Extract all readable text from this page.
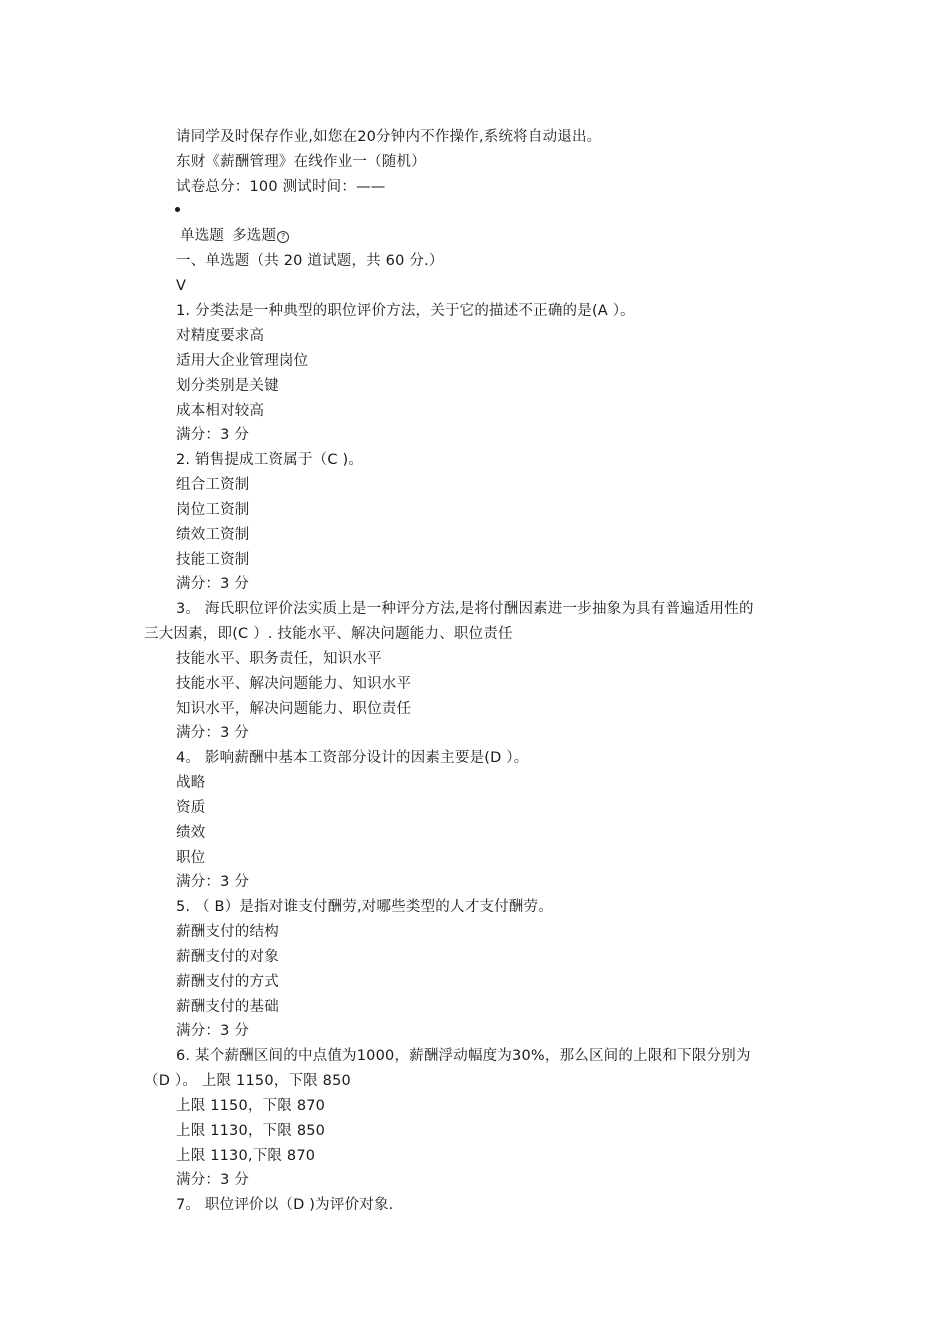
请同学及时保存作业,如您在20分钟内不作操作,系统将自动退出。
东财《薪酬管理》在线作业一（随机）
试卷总分：100 测试时间：——
单选题 多选题 ?
一、单选题（共 20 道试题，共 60 分.）
V
1. 分类法是一种典型的职位评价方法，关于它的描述不正确的是(A ）。
对精度要求高
适用大企业管理岗位
划分类别是关键
成本相对较高
满分：3 分
2. 销售提成工资属于（C )。
组合工资制
岗位工资制
绩效工资制
技能工资制
满分：3 分
3。 海氏职位评价法实质上是一种评分方法,是将付酬因素进一步抽象为具有普遍适用性的
三大因素，即(C ）. 技能水平、解决问题能力、职位责任
技能水平、职务责任，知识水平
技能水平、解决问题能力、知识水平
知识水平，解决问题能力、职位责任
满分：3 分
4。 影响薪酬中基本工资部分设计的因素主要是(D ）。
战略
资质
绩效
职位
满分：3 分
5. （ B）是指对谁支付酬劳,对哪些类型的人才支付酬劳。
薪酬支付的结构
薪酬支付的对象
薪酬支付的方式
薪酬支付的基础
满分：3 分
6. 某个薪酬区间的中点值为1000，薪酬浮动幅度为30%，那么区间的上限和下限分别为
（D ）。 上限 1150，下限 850
上限 1150，下限 870
上限 1130，下限 850
上限 1130,下限 870
满分：3 分
7。 职位评价以（D )为评价对象.
